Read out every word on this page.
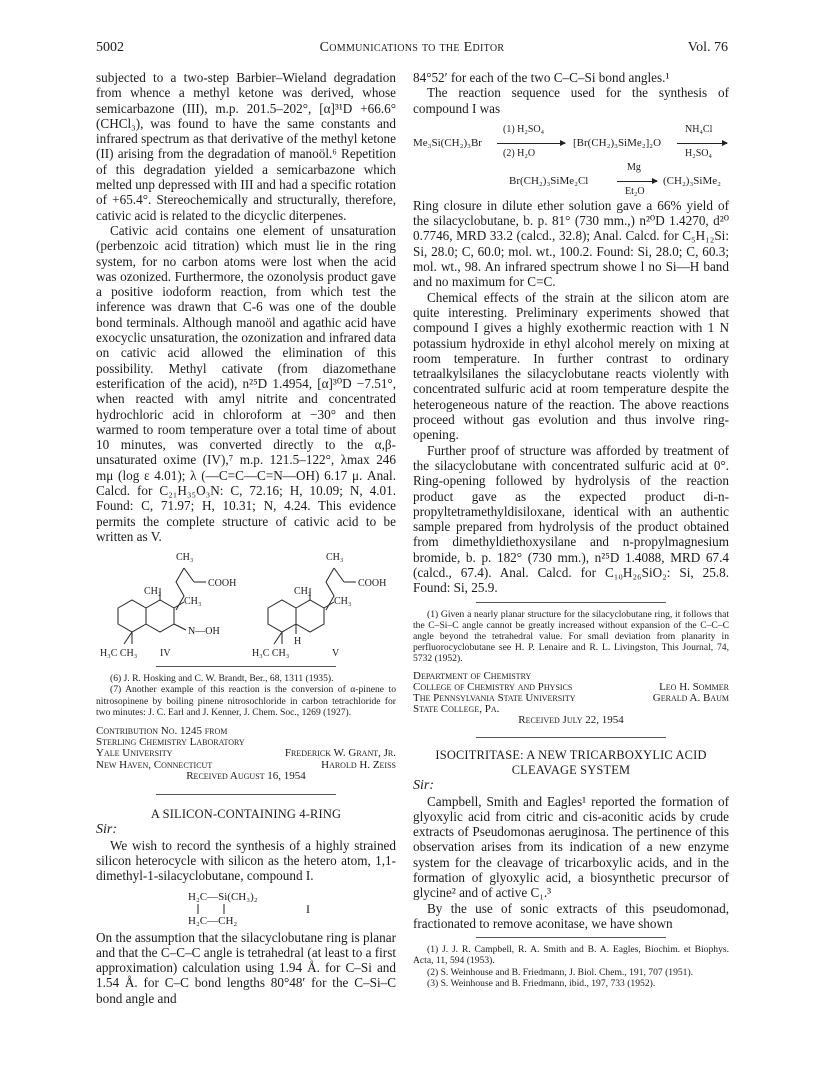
5002	Communications to the Editor	Vol. 76

subjected to a two-step Barbier–Wieland degradation from whence a methyl ketone was derived, whose semicarbazone (III), m.p. 201.5–202°, [α]³¹D +66.6° (CHCl₃), was found to have the same constants and infrared spectrum as that derivative of the methyl ketone (II) arising from the degradation of manoöl.⁶ Repetition of this degradation yielded a semicarbazone which melted unp depressed with III and had a specific rotation of +65.4°. Stereochemically and structurally, therefore, cativic acid is related to the dicyclic diterpenes.

Cativic acid contains one element of unsaturation (perbenzoic acid titration) which must lie in the ring system, for no carbon atoms were lost when the acid was ozonized. Furthermore, the ozonolysis product gave a positive iodoform reaction, from which test the inference was drawn that C-6 was one of the double bond terminals. Although manoöl and agathic acid have exocyclic unsaturation, the ozonization and infrared data on cativic acid allowed the elimination of this possibility. Methyl cativate (from diazomethane esterification of the acid), n²⁵D 1.4954, [α]³⁰D −7.51°, when reacted with amyl nitrite and concentrated hydrochloric acid in chloroform at −30° and then warmed to room temperature over a total time of about 10 minutes, was converted directly to the α,β-unsaturated oxime (IV),⁷ m.p. 121.5–122°, λmax 246 mμ (log ε 4.01); λ (—C=C—C=N—OH) 6.17 μ. Anal. Calcd. for C₂₁H₃₅O₃N: C, 72.16; H, 10.09; N, 4.01. Found: C, 71.97; H, 10.31; N, 4.24. This evidence permits the complete structure of cativic acid to be written as V.

CH₃
COOH
CH₂
CH₃
N—OH
H₃C CH₃ IV
CH₃
COOH
CH₂
CH₃
H
H₃C CH₃	V

(6) J. R. Hosking and C. W. Brandt, Ber., 68, 1311 (1935).

(7) Another example of this reaction is the conversion of α-pinene to nitrosopinene by boiling pinene nitrosochloride in carbon tetrachloride for two minutes: J. C. Earl and J. Kenner, J. Chem. Soc., 1269 (1927).

Contribution No. 1245 from

Sterling Chemistry Laboratory

Yale University	Frederick W. Grant, Jr.
New Haven, Connecticut	Harold H. Zeiss

Received August 16, 1954

A SILICON-CONTAINING 4-RING

Sir:

We wish to record the synthesis of a highly strained silicon heterocycle with silicon as the hetero atom, 1,1-dimethyl-1-silacyclobutane, compound I.

H₂C—Si(CH₃)₂
H₂C—CH₂
I

On the assumption that the silacyclobutane ring is planar and that the C–C–C angle is tetrahedral (at least to a first approximation) calculation using 1.94 Å. for C–Si and 1.54 Å. for C–C bond lengths 80°48′ for the C–Si–C bond angle and

84°52′ for each of the two C–C–Si bond angles.¹

The reaction sequence used for the synthesis of compound I was

Me₃Si(CH₂)₃Br
(1) H₂SO₄
(2) H₂O
[Br(CH₂)₃SiMe₂]₂O
NH₄Cl
H₂SO₄
Br(CH₂)₃SiMe₂Cl
Mg
Et₂O
(CH₂)₃SiMe₂

Ring closure in dilute ether solution gave a 66% yield of the silacyclobutane, b. p. 81° (730 mm.,) n²⁰D 1.4270, d²⁰ 0.7746, MRD 33.2 (calcd., 32.8); Anal. Calcd. for C₅H₁₂Si: Si, 28.0; C, 60.0; mol. wt., 100.2. Found: Si, 28.0; C, 60.3; mol. wt., 98. An infrared spectrum showe l no Si—H band and no maximum for C=C.

Chemical effects of the strain at the silicon atom are quite interesting. Preliminary experiments showed that compound I gives a highly exothermic reaction with 1 N potassium hydroxide in ethyl alcohol merely on mixing at room temperature. In further contrast to ordinary tetraalkylsilanes the silacyclobutane reacts violently with concentrated sulfuric acid at room temperature despite the heterogeneous nature of the reaction. The above reactions proceed without gas evolution and thus involve ring-opening.

Further proof of structure was afforded by treatment of the silacyclobutane with concentrated sulfuric acid at 0°. Ring-opening followed by hydrolysis of the reaction product gave as the expected product di-n-propyltetramethyldisiloxane, identical with an authentic sample prepared from hydrolysis of the product obtained from dimethyldiethoxysilane and n-propylmagnesium bromide, b. p. 182° (730 mm.), n²⁵D 1.4088, MRD 67.4 (calcd., 67.4). Anal. Calcd. for C₁₀H₂₆SiO₂: Si, 25.8. Found: Si, 25.9.

(1) Given a nearly planar structure for the silacyclobutane ring, it follows that the C–Si–C angle cannot be greatly increased without expansion of the C–C–C angle beyond the tetrahedral value. For small deviation from planarity in perfluorocyclobutane see H. P. Lenaire and R. L. Livingston, This Journal, 74, 5732 (1952).

Department of Chemistry

College of Chemistry and Physics	Leo H. Sommer
The Pennsylvania State University	Gerald A. Baum

State College, Pa.

Received July 22, 1954

ISOCITRITASE: A NEW TRICARBOXYLIC ACID CLEAVAGE SYSTEM

Sir:

Campbell, Smith and Eagles¹ reported the formation of glyoxylic acid from citric and cis-aconitic acids by crude extracts of Pseudomonas aeruginosa. The pertinence of this observation arises from its indication of a new enzyme system for the cleavage of tricarboxylic acids, and in the formation of glyoxylic acid, a biosynthetic precursor of glycine² and of active C₁.³

By the use of sonic extracts of this pseudomonad, fractionated to remove aconitase, we have shown

(1) J. J. R. Campbell, R. A. Smith and B. A. Eagles, Biochim. et Biophys. Acta, 11, 594 (1953).

(2) S. Weinhouse and B. Friedmann, J. Biol. Chem., 191, 707 (1951).

(3) S. Weinhouse and B. Friedmann, ibid., 197, 733 (1952).
